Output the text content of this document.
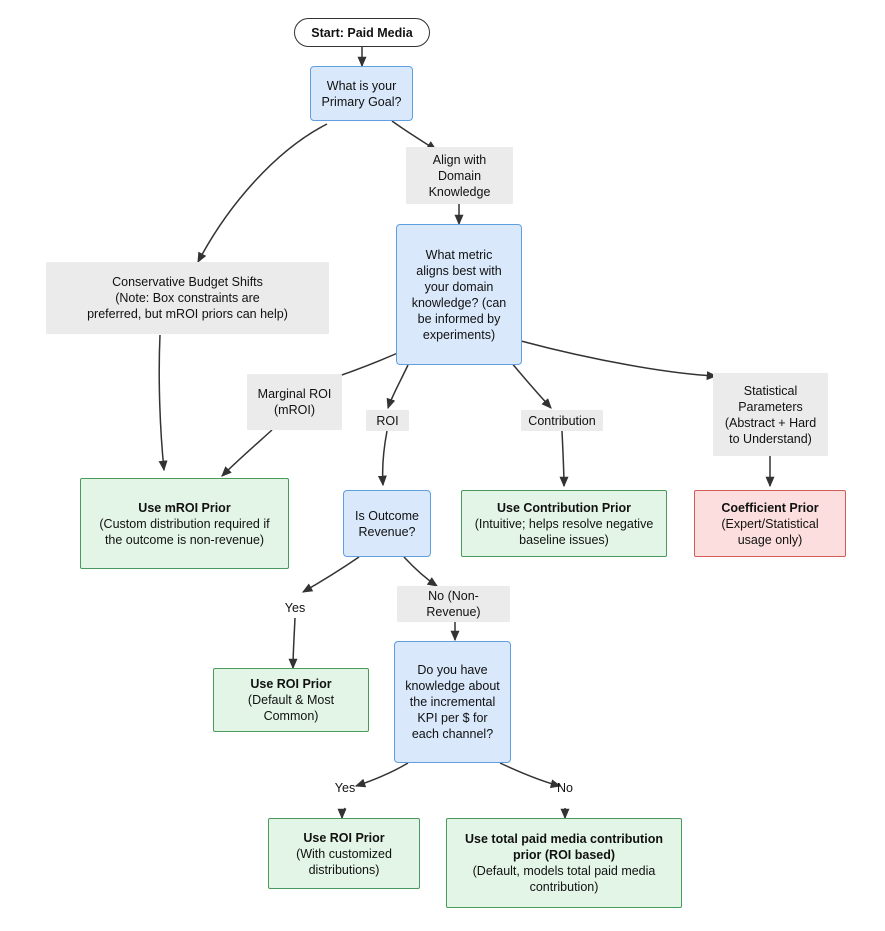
Start: Paid Media
What is your
Primary Goal?
Align with
Domain
Knowledge
What metric
aligns best with
your domain
knowledge? (can
be informed by
experiments)
Conservative Budget Shifts
(Note: Box constraints are
preferred, but mROI priors can help)
Marginal ROI
(mROI)
ROI	Contribution
Statistical
Parameters
(Abstract + Hard
to Understand)
Use mROI Prior
(Custom distribution required if the outcome is non-revenue)
Is Outcome
Revenue?
Use Contribution Prior
(Intuitive; helps resolve negative baseline issues)
Coefficient Prior
(Expert/Statistical usage only)
Yes
No (Non-
Revenue)
Use ROI Prior
(Default & Most Common)
Do you have
knowledge about
the incremental
KPI per $ for
each channel?
Yes	No
Use ROI Prior
(With customized distributions)
Use total paid media contribution prior (ROI based)
(Default, models total paid media contribution)
